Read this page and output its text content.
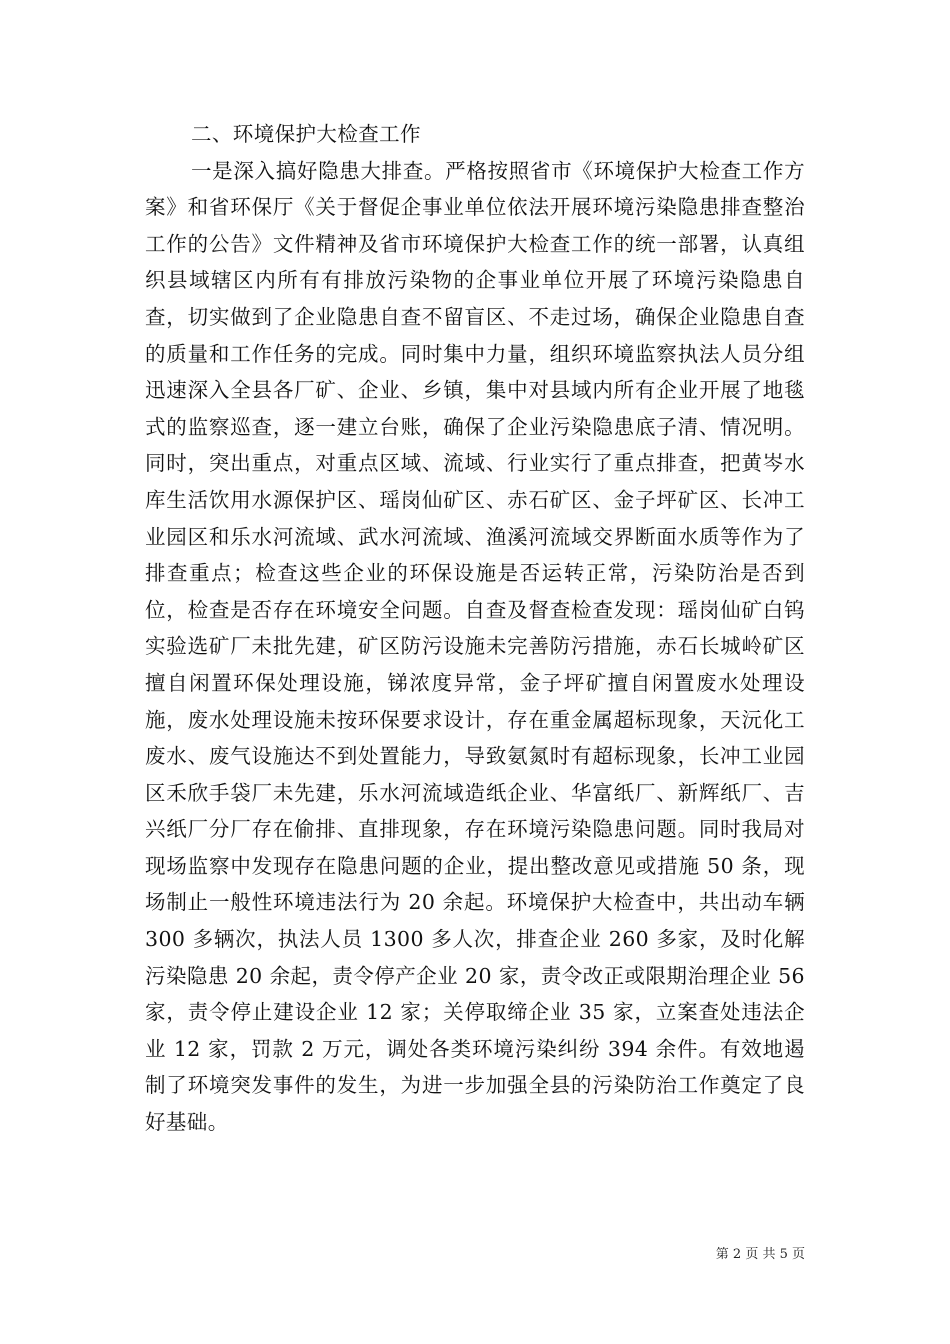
二、环境保护大检查工作

一是深入搞好隐患大排查。严格按照省市《环境保护大检查工作方案》和省环保厅《关于督促企事业单位依法开展环境污染隐患排查整治工作的公告》文件精神及省市环境保护大检查工作的统一部署，认真组织县域辖区内所有有排放污染物的企事业单位开展了环境污染隐患自查，切实做到了企业隐患自查不留盲区、不走过场，确保企业隐患自查的质量和工作任务的完成。同时集中力量，组织环境监察执法人员分组迅速深入全县各厂矿、企业、乡镇，集中对县域内所有企业开展了地毯式的监察巡查，逐一建立台账，确保了企业污染隐患底子清、情况明。同时，突出重点，对重点区域、流域、行业实行了重点排查，把黄岑水库生活饮用水源保护区、瑶岗仙矿区、赤石矿区、金子坪矿区、长冲工业园区和乐水河流域、武水河流域、渔溪河流域交界断面水质等作为了排查重点；检查这些企业的环保设施是否运转正常，污染防治是否到位，检查是否存在环境安全问题。自查及督查检查发现：瑶岗仙矿白钨实验选矿厂未批先建，矿区防污设施未完善防污措施，赤石长城岭矿区擅自闲置环保处理设施，锑浓度异常，金子坪矿擅自闲置废水处理设施，废水处理设施未按环保要求设计，存在重金属超标现象，天沅化工废水、废气设施达不到处置能力，导致氨氮时有超标现象，长冲工业园区禾欣手袋厂未先建，乐水河流域造纸企业、华富纸厂、新辉纸厂、吉兴纸厂分厂存在偷排、直排现象，存在环境污染隐患问题。同时我局对现场监察中发现存在隐患问题的企业，提出整改意见或措施 50 条，现场制止一般性环境违法行为 20 余起。环境保护大检查中，共出动车辆 300 多辆次，执法人员 1300 多人次，排查企业 260 多家，及时化解污染隐患 20 余起，责令停产企业 20 家，责令改正或限期治理企业 56 家，责令停止建设企业 12 家；关停取缔企业 35 家，立案查处违法企业 12 家，罚款 2 万元，调处各类环境污染纠纷 394 余件。有效地遏制了环境突发事件的发生，为进一步加强全县的污染防治工作奠定了良好基础。

第 2 页 共 5 页
